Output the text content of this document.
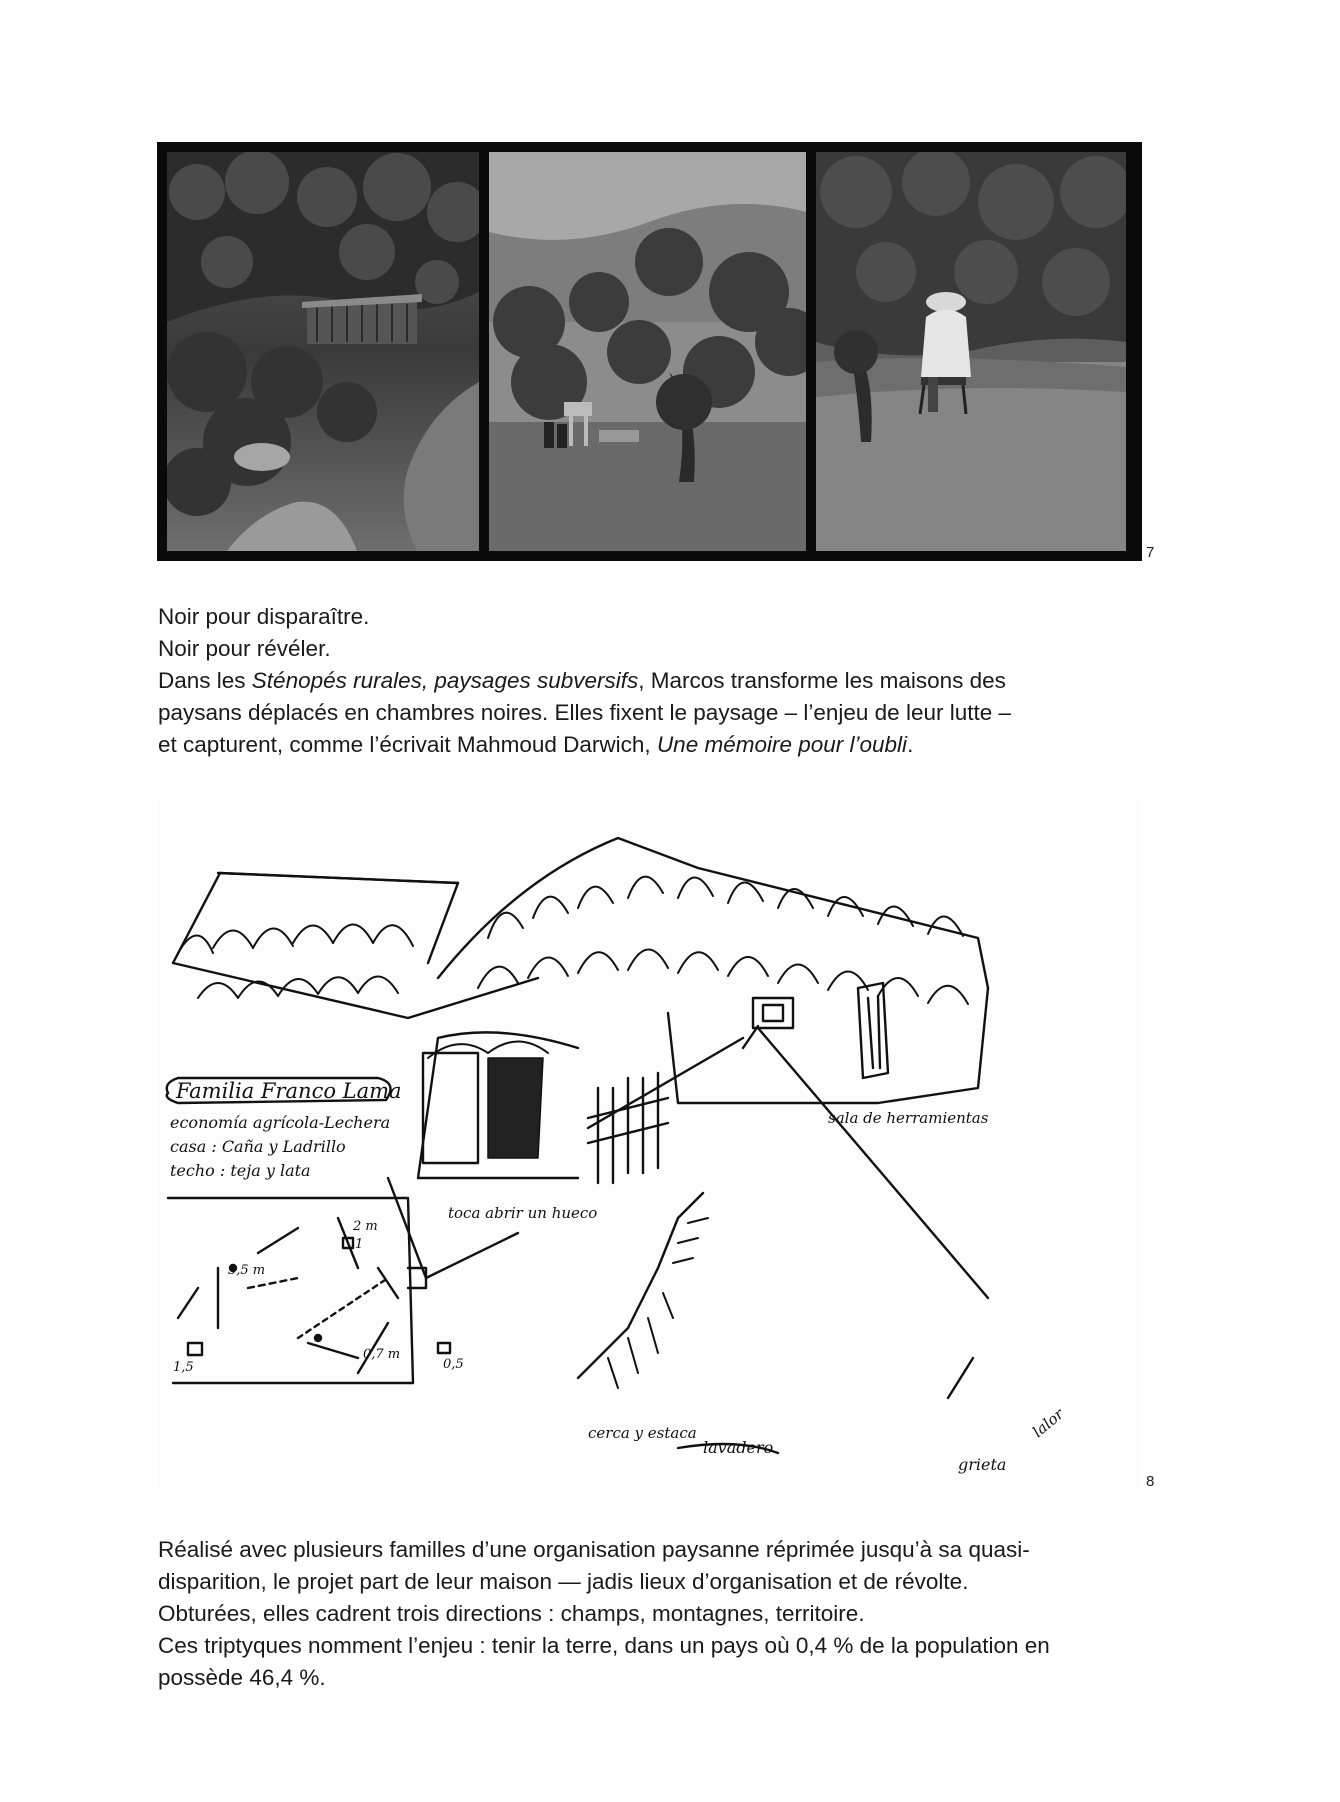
7
Noir pour disparaître.
Noir pour révéler.
Dans les Sténopés rurales, paysages subversifs, Marcos transforme les maisons des
paysans déplacés en chambres noires. Elles fixent le paysage – l’enjeu de leur lutte –
et capturent, comme l’écrivait Mahmoud Darwich, Une mémoire pour l’oubli.
Familia Franco Lama
economía agrícola-Lechera
casa : Caña y Ladrillo
techo : teja y lata
sala de herramientas
toca abrir un hueco
cerca y estaca
lavadero
grieta
lalor
2 m
3,5 m
0,7 m
0,5
1,5
1
8
Réalisé avec plusieurs familles d’une organisation paysanne réprimée jusqu’à sa quasi-
disparition, le projet part de leur maison — jadis lieux d’organisation et de révolte.
Obturées, elles cadrent trois directions : champs, montagnes, territoire.
Ces triptyques nomment l’enjeu : tenir la terre, dans un pays où 0,4 % de la population en
possède 46,4 %.
